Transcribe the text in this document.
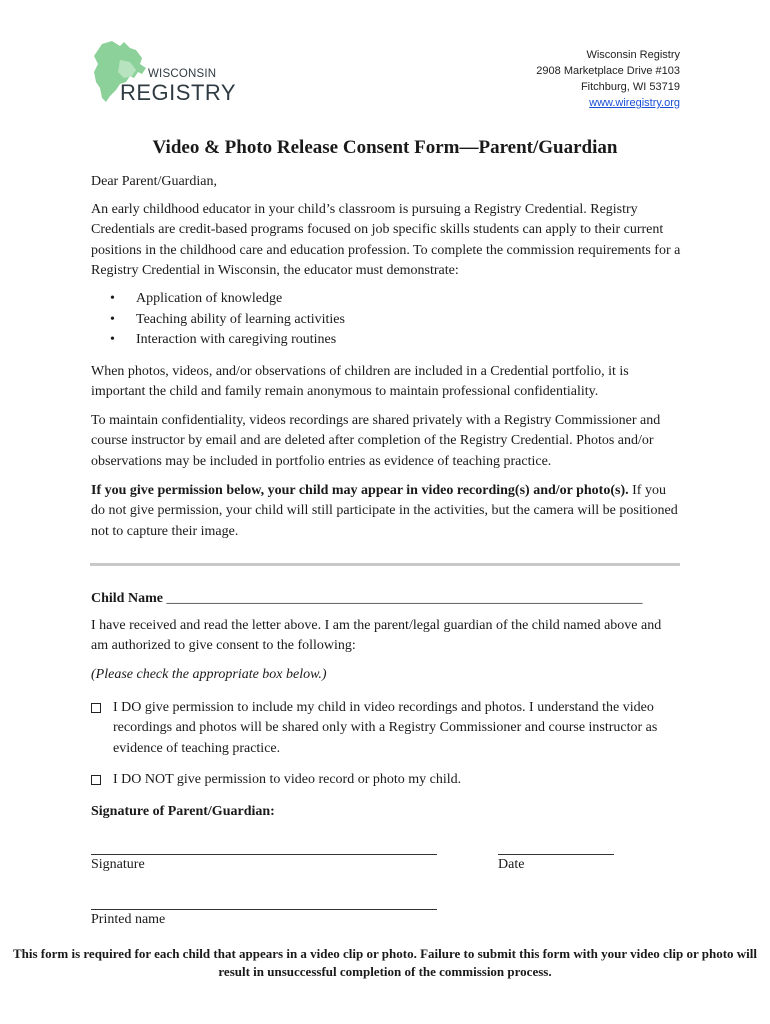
WISCONSIN
REGISTRY
Wisconsin Registry
2908 Marketplace Drive #103
Fitchburg, WI 53719
www.wiregistry.org
Video & Photo Release Consent Form—Parent/Guardian
Dear Parent/Guardian,
An early childhood educator in your child’s classroom is pursuing a Registry Credential. Registry Credentials are credit-based programs focused on job specific skills students can apply to their current positions in the childhood care and education profession. To complete the commission requirements for a Registry Credential in Wisconsin, the educator must demonstrate:
• Application of knowledge
• Teaching ability of learning activities
• Interaction with caregiving routines
When photos, videos, and/or observations of children are included in a Credential portfolio, it is important the child and family remain anonymous to maintain professional confidentiality.
To maintain confidentiality, videos recordings are shared privately with a Registry Commissioner and course instructor by email and are deleted after completion of the Registry Credential. Photos and/or observations may be included in portfolio entries as evidence of teaching practice.
If you give permission below, your child may appear in video recording(s) and/or photo(s). If you do not give permission, your child will still participate in the activities, but the camera will be positioned not to capture their image.
Child Name ____________________________________________________________________
I have received and read the letter above. I am the parent/legal guardian of the child named above and am authorized to give consent to the following:
(Please check the appropriate box below.)
I DO give permission to include my child in video recordings and photos. I understand the video recordings and photos will be shared only with a Registry Commissioner and course instructor as evidence of teaching practice.
I DO NOT give permission to video record or photo my child.
Signature of Parent/Guardian:
Signature	Date
Printed name
This form is required for each child that appears in a video clip or photo. Failure to submit this form with your video clip or photo will result in unsuccessful completion of the commission process.
